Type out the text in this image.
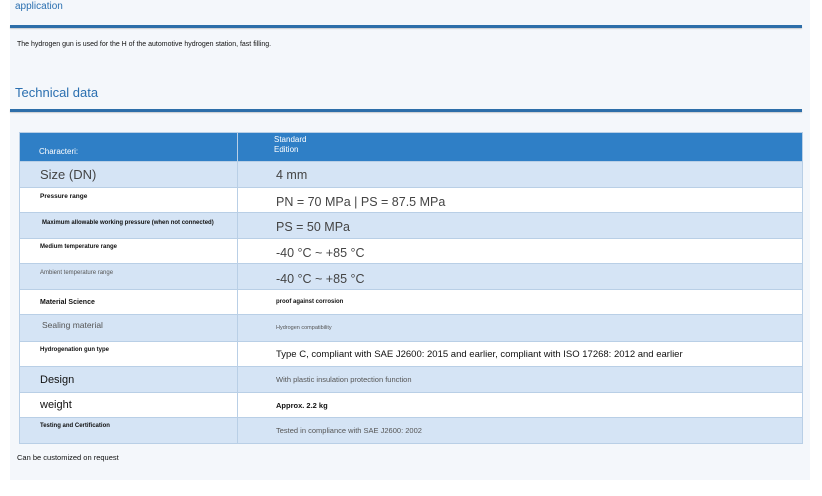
application
The hydrogen gun is used for the H of the automotive hydrogen station, fast filling.
Technical data
Characteri:	Standard
Edition
Size (DN)	4 mm
Pressure range	PN = 70 MPa | PS = 87.5 MPa
Maximum allowable working pressure (when not connected)	PS = 50 MPa
Medium temperature range	-40 °C ~ +85 °C
Ambient temperature range	-40 °C ~ +85 °C
Material Science	proof against corrosion
Sealing material	Hydrogen compatibility
Hydrogenation gun type	Type C, compliant with SAE J2600: 2015 and earlier, compliant with ISO 17268: 2012 and earlier
Design	With plastic insulation protection function
weight	Approx. 2.2 kg
Testing and Certification	Tested in compliance with SAE J2600: 2002
Can be customized on request
